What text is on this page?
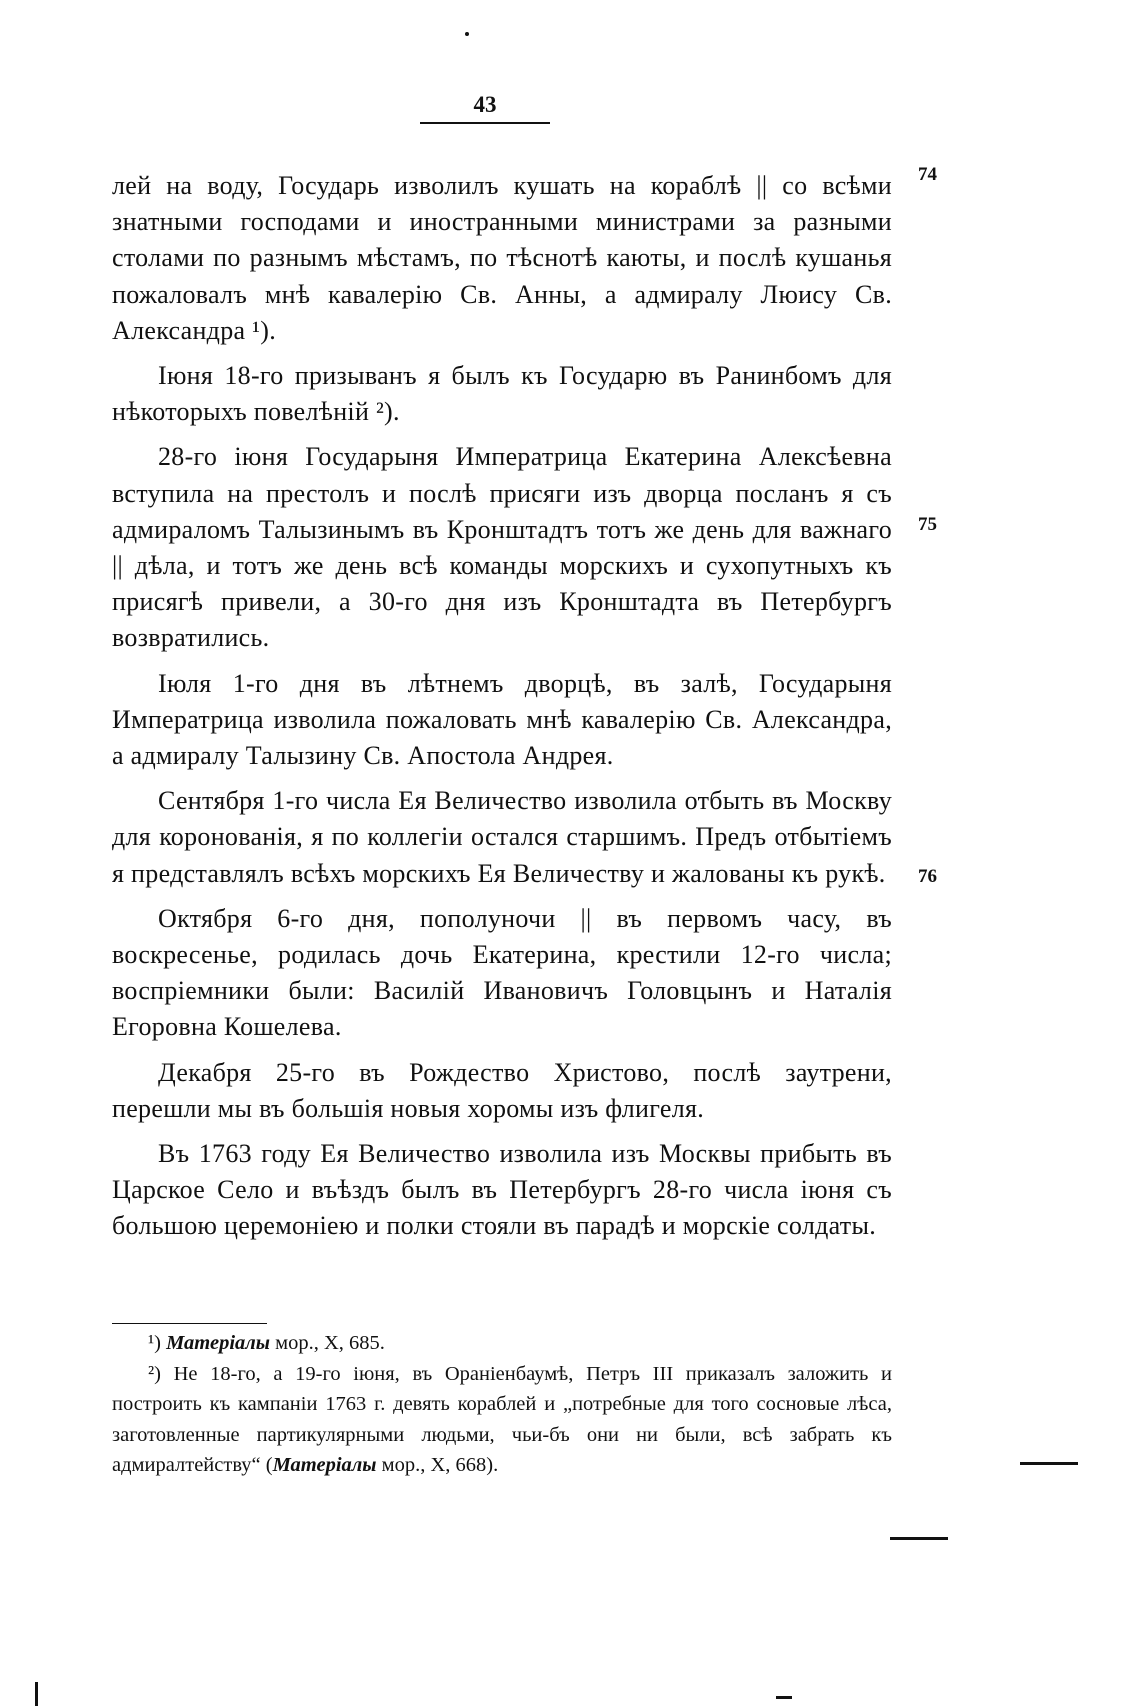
43
74
75
76

лей на воду, Государь изволилъ кушать на кораблѣ || со всѣми знатными господами и иностранными министрами за разными столами по разнымъ мѣстамъ, по тѣснотѣ каюты, и послѣ кушанья пожаловалъ мнѣ кавалерію Св. Анны, а адмиралу Люису Св. Александра ¹).

Іюня 18-го призыванъ я былъ къ Государю въ Ранинбомъ для нѣкоторыхъ повелѣній ²).

28-го іюня Государыня Императрица Екатерина Алексѣевна вступила на престолъ и послѣ присяги изъ дворца посланъ я съ адмираломъ Талызинымъ въ Кронштадтъ тотъ же день для важнаго || дѣла, и тотъ же день всѣ команды морскихъ и сухопутныхъ къ присягѣ привели, а 30-го дня изъ Кронштадта въ Петербургъ возвратились.

Іюля 1-го дня въ лѣтнемъ дворцѣ, въ залѣ, Государыня Императрица изволила пожаловать мнѣ кавалерію Св. Александра, а адмиралу Талызину Св. Апостола Андрея.

Сентября 1-го числа Ея Величество изволила отбыть въ Москву для коронованія, я по коллегіи остался старшимъ. Предъ отбытіемъ я представлялъ всѣхъ морскихъ Ея Величеству и жалованы къ рукѣ.

Октября 6-го дня, пополуночи || въ первомъ часу, въ воскресенье, родилась дочь Екатерина, крестили 12-го числа; воспріемники были: Василій Ивановичъ Головцынъ и Наталія Егоровна Кошелева.

Декабря 25-го въ Рождество Христово, послѣ заутрени, перешли мы въ большія новыя хоромы изъ флигеля.

Въ 1763 году Ея Величество изволила изъ Москвы прибыть въ Царское Село и въѣздъ былъ въ Петербургъ 28-го числа іюня съ большою церемоніею и полки стояли въ парадѣ и морскіе солдаты.

¹) Матеріалы мор., X, 685.

²) Не 18-го, а 19-го іюня, въ Ораніенбаумѣ, Петръ III приказалъ заложить и построить къ кампаніи 1763 г. девять кораблей и „потребные для того сосновые лѣса, заготовленные партикулярными людьми, чьи-бъ они ни были, всѣ забрать къ адмиралтейству“ (Матеріалы мор., X, 668).
